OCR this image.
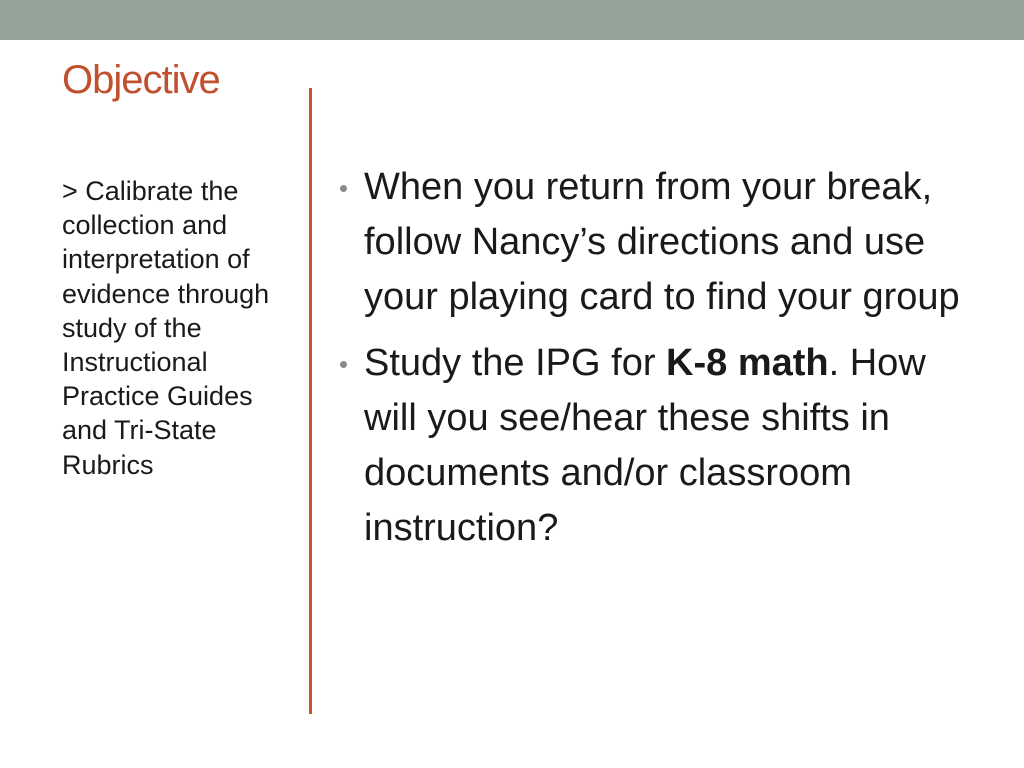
Objective

> Calibrate the collection and interpretation of evidence through study of the Instructional Practice Guides and Tri-State Rubrics

When you return from your break, follow Nancy’s directions and use your playing card to find your group
Study the IPG for K-8 math. How will you see/hear these shifts in documents and/or classroom instruction?
